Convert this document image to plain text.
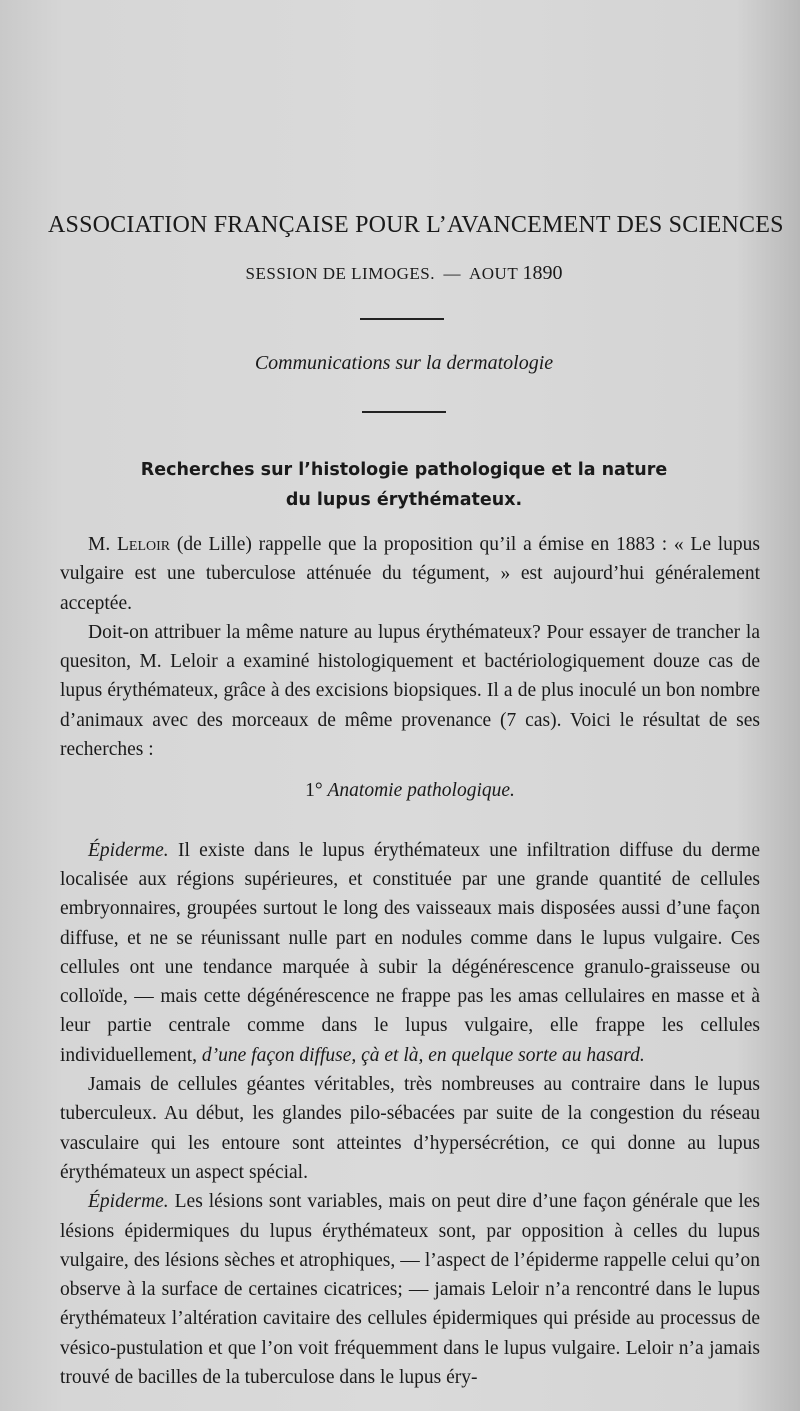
ASSOCIATION FRANÇAISE POUR L’AVANCEMENT DES SCIENCES
SESSION DE LIMOGES. — AOUT 1890
Communications sur la dermatologie
Recherches sur l’histologie pathologique et la nature
du lupus érythémateux.

M. Leloir (de Lille) rappelle que la proposition qu’il a émise en 1883 : « Le lupus vulgaire est une tuberculose atténuée du tégument, » est aujourd’hui généralement acceptée.

Doit-on attribuer la même nature au lupus érythémateux? Pour essayer de trancher la quesiton, M. Leloir a examiné histologiquement et bactériologiquement douze cas de lupus érythémateux, grâce à des excisions biopsiques. Il a de plus inoculé un bon nombre d’animaux avec des morceaux de même provenance (7 cas). Voici le résultat de ses recherches :

1° Anatomie pathologique.

Épiderme. Il existe dans le lupus érythémateux une infiltration diffuse du derme localisée aux régions supérieures, et constituée par une grande quantité de cellules embryonnaires, groupées surtout le long des vaisseaux mais disposées aussi d’une façon diffuse, et ne se réunissant nulle part en nodules comme dans le lupus vulgaire. Ces cellules ont une tendance marquée à subir la dégénérescence granulo-graisseuse ou colloïde, — mais cette dégénérescence ne frappe pas les amas cellulaires en masse et à leur partie centrale comme dans le lupus vulgaire, elle frappe les cellules individuellement, d’une façon diffuse, çà et là, en quelque sorte au hasard.

Jamais de cellules géantes véritables, très nombreuses au contraire dans le lupus tuberculeux. Au début, les glandes pilo-sébacées par suite de la congestion du réseau vasculaire qui les entoure sont atteintes d’hypersécrétion, ce qui donne au lupus érythémateux un aspect spécial.

Épiderme. Les lésions sont variables, mais on peut dire d’une façon générale que les lésions épidermiques du lupus érythémateux sont, par opposition à celles du lupus vulgaire, des lésions sèches et atrophiques, — l’aspect de l’épiderme rappelle celui qu’on observe à la surface de certaines cicatrices; — jamais Leloir n’a rencontré dans le lupus érythémateux l’altération cavitaire des cellules épidermiques qui préside au processus de vésico-pustulation et que l’on voit fréquemment dans le lupus vulgaire. Leloir n’a jamais trouvé de bacilles de la tuberculose dans le lupus éry-
